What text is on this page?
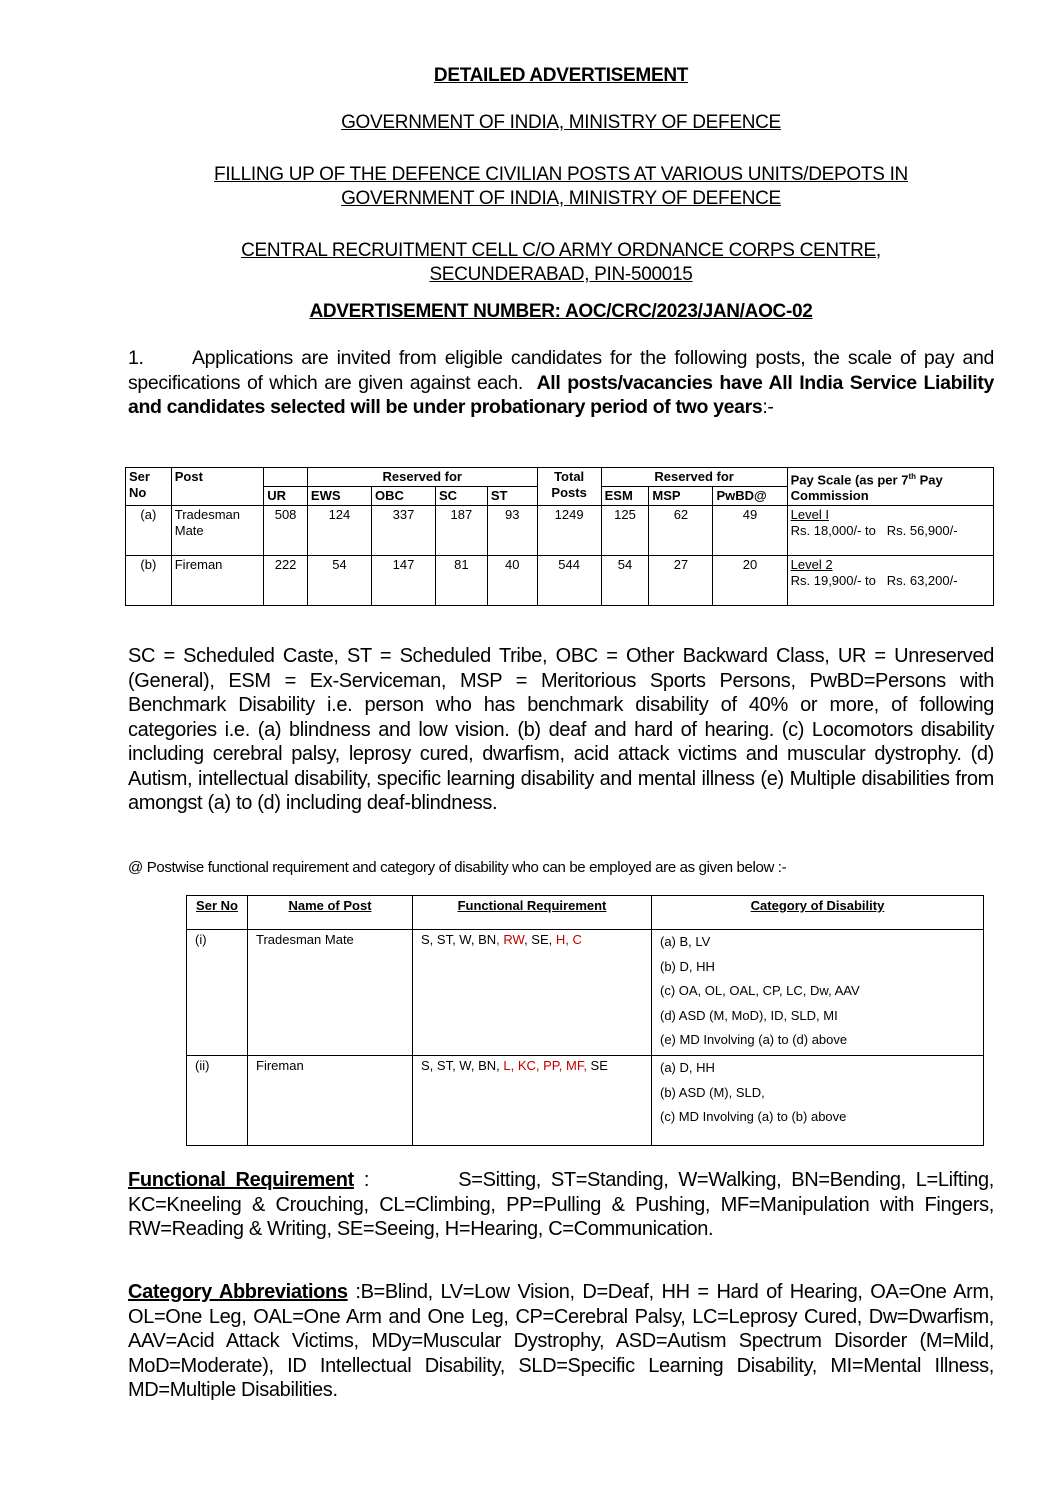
DETAILED ADVERTISEMENT
GOVERNMENT OF INDIA, MINISTRY OF DEFENCE
FILLING UP OF THE DEFENCE CIVILIAN POSTS AT VARIOUS UNITS/DEPOTS IN
GOVERNMENT OF INDIA, MINISTRY OF DEFENCE
CENTRAL RECRUITMENT CELL C/O ARMY ORDNANCE CORPS CENTRE,
SECUNDERABAD, PIN-500015
ADVERTISEMENT NUMBER: AOC/CRC/2023/JAN/AOC-02
1. Applications are invited from eligible candidates for the following posts, the scale of pay and specifications of which are given against each. All posts/vacancies have All India Service Liability and candidates selected will be under probationary period of two years:-
Ser No	Post		Reserved for				Total Posts	Reserved for			Pay Scale (as per 7th Pay Commission
		UR	EWS	OBC	SC	ST		ESM	MSP	PwBD@	
(a)	Tradesman Mate	508	124	337	187	93	1249	125	62	49	Level I
Rs. 18,000/- to   Rs. 56,900/-

(b)	Fireman	222	54	147	81	40	544	54	27	20	Level 2
Rs. 19,900/- to   Rs. 63,200/-
SC = Scheduled Caste, ST = Scheduled Tribe, OBC = Other Backward Class, UR = Unreserved (General), ESM = Ex-Serviceman, MSP = Meritorious Sports Persons, PwBD=Persons with Benchmark Disability i.e. person who has benchmark disability of 40% or more, of following categories i.e. (a) blindness and low vision. (b) deaf and hard of hearing. (c) Locomotors disability including cerebral palsy, leprosy cured, dwarfism, acid attack victims and muscular dystrophy. (d) Autism, intellectual disability, specific learning disability and mental illness (e) Multiple disabilities from amongst (a) to (d) including deaf-blindness.
@ Postwise functional requirement and category of disability who can be employed are as given below :-
Ser No	Name of Post	Functional Requirement	Category of Disability
(i)	Tradesman Mate	S, ST, W, BN, RW, SE, H, C	(a) B, LV
(b) D, HH
(c) OA, OL, OAL, CP, LC, Dw, AAV
(d) ASD (M, MoD), ID, SLD, MI
(e) MD Involving (a) to (d) above

(ii)	Fireman	S, ST, W, BN, L, KC, PP, MF, SE	(a) D, HH
(b) ASD (M), SLD,
(c) MD Involving (a) to (b) above
Functional Requirement :	S=Sitting, ST=Standing, W=Walking, BN=Bending, L=Lifting, KC=Kneeling & Crouching, CL=Climbing, PP=Pulling & Pushing, MF=Manipulation with Fingers, RW=Reading & Writing, SE=Seeing, H=Hearing, C=Communication.
Category Abbreviations :B=Blind, LV=Low Vision, D=Deaf, HH = Hard of Hearing, OA=One Arm, OL=One Leg, OAL=One Arm and One Leg, CP=Cerebral Palsy, LC=Leprosy Cured, Dw=Dwarfism, AAV=Acid Attack Victims, MDy=Muscular Dystrophy, ASD=Autism Spectrum Disorder (M=Mild, MoD=Moderate), ID Intellectual Disability, SLD=Specific Learning Disability, MI=Mental Illness, MD=Multiple Disabilities.
